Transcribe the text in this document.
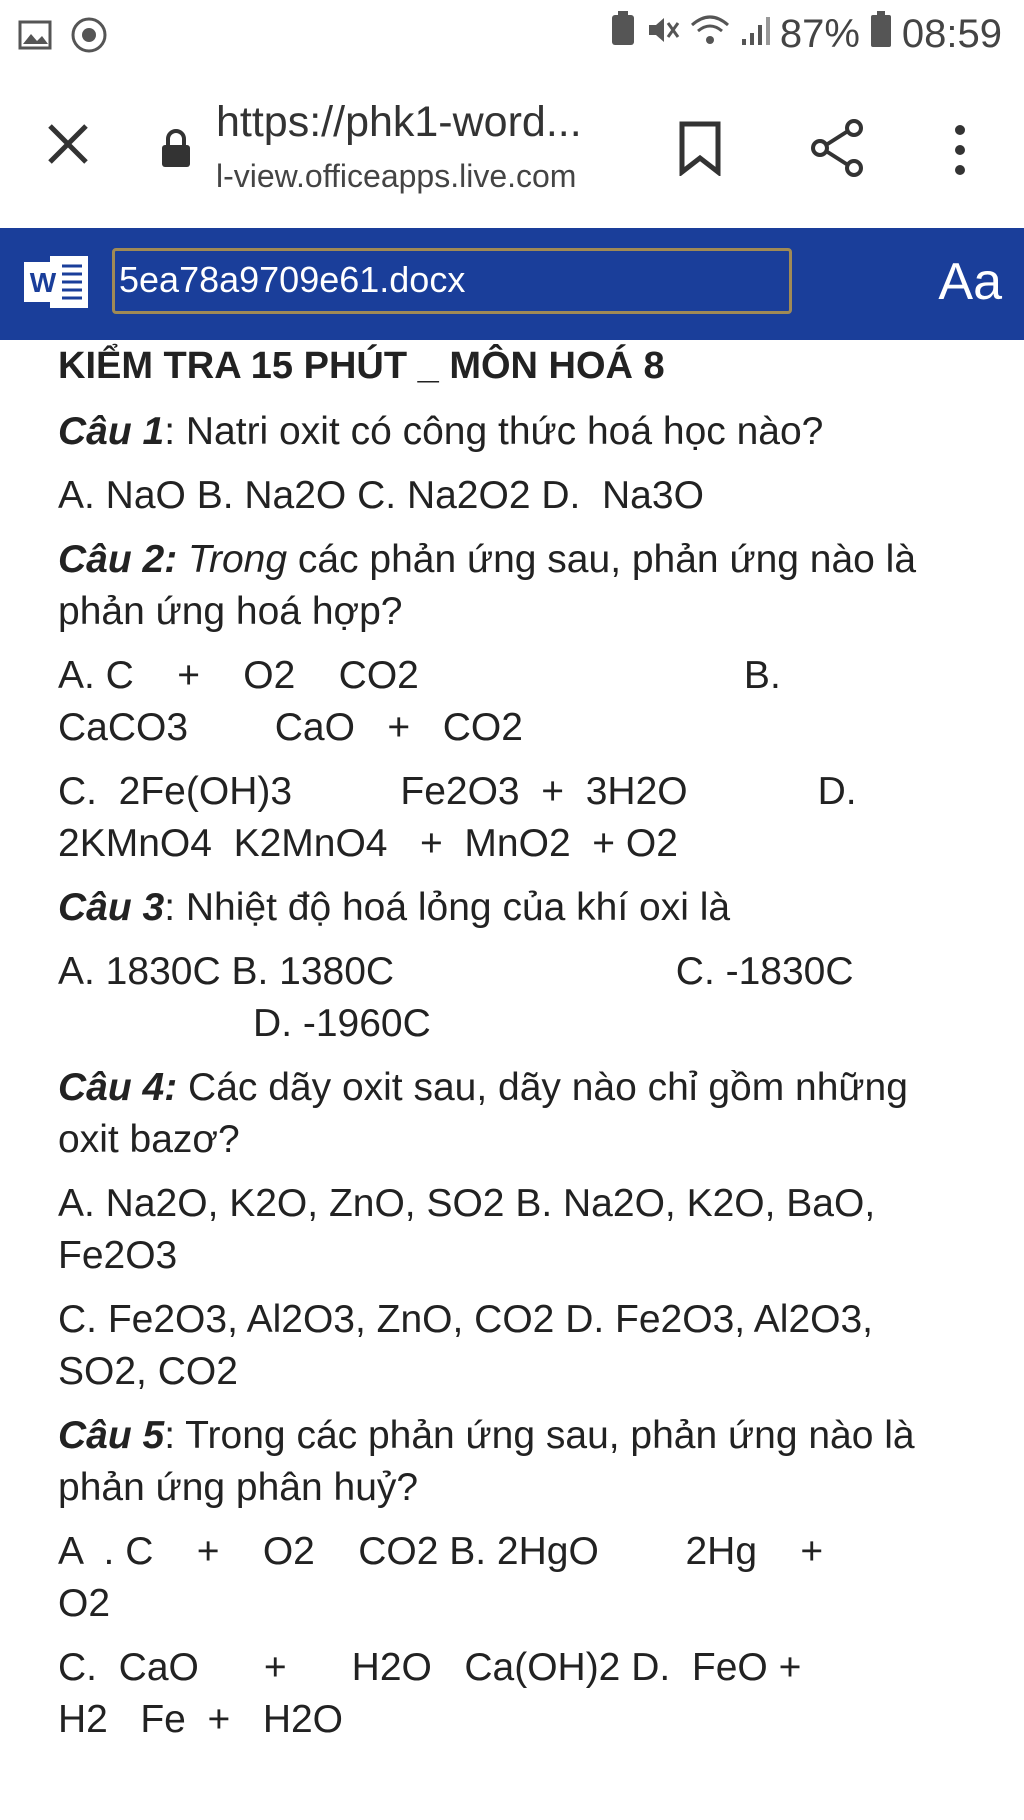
87% 08:59
https://phk1-word...
l-view.officeapps.live.com
W 5ea78a9709e61.docx	Aa

KIỂM TRA 15 PHÚT _ MÔN HOÁ 8

Câu 1: Natri oxit có công thức hoá học nào?

A. NaO B. Na2O C. Na2O2 D.  Na3O

Câu 2: Trong các phản ứng sau, phản ứng nào là phản ứng hoá hợp?

A. C    +    O2    CO2                              B.

CaCO3        CaO   +   CO2

C.  2Fe(OH)3          Fe2O3  +  3H2O            D.

2KMnO4  K2MnO4   +  MnO2  + O2

Câu 3: Nhiệt độ hoá lỏng của khí oxi là

A. 1830C B. 1380C                          C. -1830C

D. -1960C

Câu 4: Các dãy oxit sau, dãy nào chỉ gồm những oxit bazơ?

A. Na2O, K2O, ZnO, SO2 B. Na2O, K2O, BaO, Fe2O3

C. Fe2O3, Al2O3, ZnO, CO2 D. Fe2O3, Al2O3, SO2, CO2

Câu 5: Trong các phản ứng sau, phản ứng nào là phản ứng phân huỷ?

A  . C    +    O2    CO2 B. 2HgO        2Hg    +

O2

C.  CaO      +      H2O   Ca(OH)2 D.  FeO +

H2   Fe  +   H2O
